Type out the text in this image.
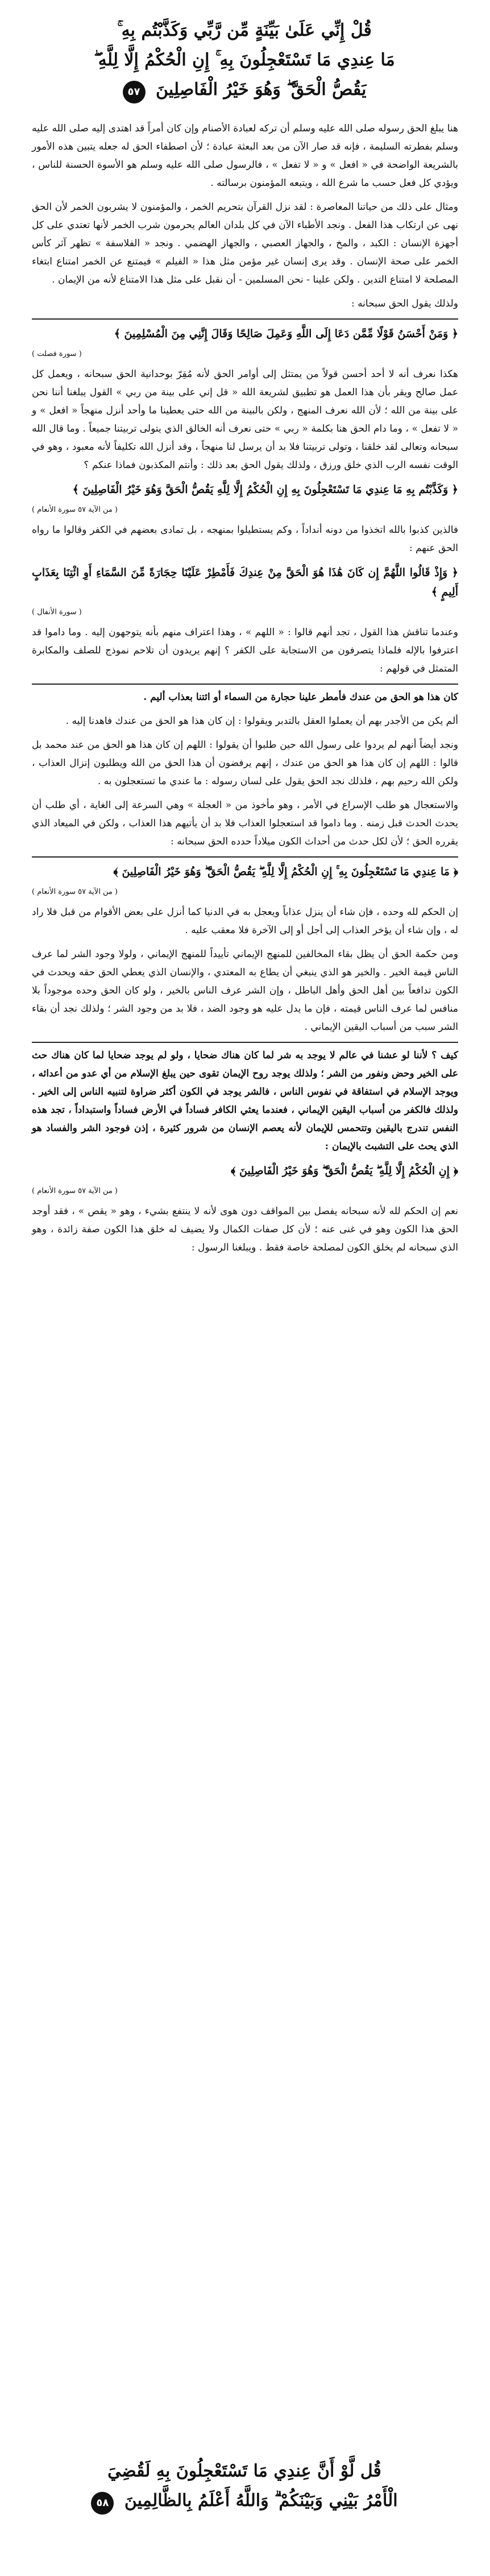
قُلْ إِنِّي عَلَىٰ بَيِّنَةٍ مِّن رَّبِّي وَكَذَّبْتُم بِهِ ۚ
مَا عِندِي مَا تَسْتَعْجِلُونَ بِهِ ۚ إِنِ الْحُكْمُ إِلَّا لِلَّهِ ۖ
يَقُصُّ الْحَقَّ ۖ وَهُوَ خَيْرُ الْفَاصِلِينَ ٥٧

هنا يبلغ الحق رسوله صلى الله عليه وسلم أن تركه لعبادة الأصنام وإن كان أمراً قد اهتدى إليه صلى الله عليه وسلم بفطرته السليمة ، فإنه قد صار الآن من بعد البعثة عبادة ؛ لأن اصطفاء الحق له جعله يتبين هذه الأمور بالشريعة الواضحة في « افعل » و « لا تفعل » ، فالرسول صلى الله عليه وسلم هو الأسوة الحسنة للناس ، ويؤدي كل فعل حسب ما شرع الله ، ويتبعه المؤمنون برسالته .

ومثال على ذلك من حياتنا المعاصرة : لقد نزل القرآن بتحريم الخمر ، والمؤمنون لا يشربون الخمر لأن الحق نهى عن ارتكاب هذا الفعل . ونجد الأطباء الآن في كل بلدان العالم يحرمون شرب الخمر لأنها تعتدي على كل أجهزة الإنسان : الكبد ، والمخ ، والجهاز العصبي ، والجهاز الهضمي . ونجد « الفلاسفة » تظهر آثر كأس الخمر على صحة الإنسان . وقد يرى إنسان غير مؤمن مثل هذا « الفيلم » فيمتنع عن الخمر امتناع ابتغاء المصلحة لا امتناع التدين . ولكن علينا - نحن المسلمين - أن نقبل على مثل هذا الامتناع لأنه من الإيمان .

ولذلك يقول الحق سبحانه :

﴿ وَمَنْ أَحْسَنُ قَوْلًا مِّمَّن دَعَا إِلَى اللَّهِ وَعَمِلَ صَالِحًا وَقَالَ إِنَّنِي مِنَ الْمُسْلِمِينَ ﴾
( سورة فصلت )

هكذا نعرف أنه لا أحد أحسن قولاً من يمتثل إلى أوامر الحق لأنه مُقِرّ بوحدانية الحق سبحانه ، ويعمل كل عمل صالح ويقر بأن هذا العمل هو تطبيق لشريعة الله « قل إني على بينة من ربي » القول يبلغنا أننا نحن على بينة من الله ؛ لأن الله نعرف المنهج ، ولكن بالبينة من الله حتى يعطينا ما وأحد أنزل منهجاً « افعل » و « لا تفعل » ، وما دام الحق هنا بكلمة « ربي » حتى نعرف أنه الخالق الذي يتولى تربيتنا جميعاً . وما قال الله سبحانه وتعالى لقد خلقنا ، وتولى تربيتنا فلا بد أن يرسل لنا منهجاً ، وقد أنزل الله تكليفاً لأنه معبود ، وهو في الوقت نفسه الرب الذي خلق ورزق ، ولذلك يقول الحق بعد ذلك : وأنتم المكذبون فماذا عنكم ؟

﴿ وَكَذَّبْتُم بِهِ مَا عِندِي مَا تَسْتَعْجِلُونَ بِهِ إِنِ الْحُكْمُ إِلَّا لِلَّهِ يَقُصُّ الْحَقَّ وَهُوَ خَيْرُ الْفَاصِلِينَ ﴾
( من الآية ٥٧ سورة الأنعام )

فالذين كذبوا بالله اتخذوا من دونه أنداداً ، وكم يستطيلوا بمنهجه ، بل تمادى بعضهم في الكفر وقالوا ما رواه الحق عنهم :

﴿ وَإِذْ قَالُوا اللَّهُمَّ إِن كَانَ هَٰذَا هُوَ الْحَقَّ مِنْ عِندِكَ فَأَمْطِرْ عَلَيْنَا حِجَارَةً مِّنَ السَّمَاءِ أَوِ ائْتِنَا بِعَذَابٍ أَلِيمٍ ﴾
( سورة الأنفال )

وعندما تناقش هذا القول ، تجد أنهم قالوا : « اللهم » ، وهذا اعتراف منهم بأنه يتوجهون إليه . وما داموا قد اعترفوا بالإله فلماذا يتصرفون من الاستجابة على الكفر ؟ إنهم يريدون أن تلاحم نموذج للصلف والمكابرة المتمثل في قولهم :

كان هذا هو الحق من عندك فأمطر علينا حجارة من السماء أو ائتنا بعذاب أليم .

ألم يكن من الأجدر بهم أن يعملوا العقل بالتدبر ويقولوا : إن كان هذا هو الحق من عندك فاهدنا إليه .

ونجد أيضاً أنهم لم يردوا على رسول الله حين طلبوا أن يقولوا : اللهم إن كان هذا هو الحق من عند محمد بل قالوا : اللهم إن كان هذا هو الحق من عندك ، إنهم يرفضون أن هذا الحق من الله ويطلبون إنزال العذاب ، ولكن الله رحيم بهم ، فلذلك نجد الحق يقول على لسان رسوله : ما عندي ما تستعجلون به .

والاستعجال هو طلب الإسراع في الأمر ، وهو مأخوذ من « العجلة » وهي السرعة إلى الغاية ، أي طلب أن يحدث الحدث قبل زمنه . وما داموا قد استعجلوا العذاب فلا بد أن يأتيهم هذا العذاب ، ولكن في الميعاد الذي يقرره الحق ؛ لأن لكل حدث من أحداث الكون ميلاداً حدده الحق سبحانه :

﴿ مَا عِندِي مَا تَسْتَعْجِلُونَ بِهِ ۚ إِنِ الْحُكْمُ إِلَّا لِلَّهِ ۖ يَقُصُّ الْحَقَّ ۖ وَهُوَ خَيْرُ الْفَاصِلِينَ ﴾
( من الآية ٥٧ سورة الأنعام )

إن الحكم لله وحده ، فإن شاء أن ينزل عذاباً ويعجل به في الدنيا كما أنزل على بعض الأقوام من قبل فلا راد له ، وإن شاء أن يؤخر العذاب إلى أجل أو إلى الآخرة فلا معقب عليه .

ومن حكمة الحق أن يظل بقاء المخالفين للمنهج الإيماني تأييداً للمنهج الإيماني ، ولولا وجود الشر لما عرف الناس قيمة الخير . والخير هو الذي ينبغي أن يطاع به المعتدي ، والإنسان الذي يعطي الحق حقه ويحدث في الكون تدافعاً بين أهل الحق وأهل الباطل ، وإن الشر عرف الناس بالخير ، ولو كان الحق وحده موجوداً بلا منافس لما عرف الناس قيمته ، فإن ما يدل عليه هو وجود الضد ، فلا بد من وجود الشر ؛ ولذلك نجد أن بقاء الشر سبب من أسباب اليقين الإيماني .

كيف ؟ لأننا لو عشنا في عالم لا يوجد به شر لما كان هناك ضحايا ، ولو لم يوجد ضحايا لما كان هناك حث على الخير وحض ونفور من الشر ؛ ولذلك يوجد روح الإيمان تقوى حين يبلغ الإسلام من أي عدو من أعدائه ، ويوجد الإسلام في استفاقة في نفوس الناس ، فالشر يوجد في الكون أكثر ضراوة لتنبيه الناس إلى الخير . ولذلك فالكفر من أسباب اليقين الإيماني ، فعندما يعثي الكافر فساداً في الأرض فساداً واستبداداً ، تجد هذه النفس تندرج باليقين وتتحمس للإيمان لأنه يعصم الإنسان من شرور كثيرة ، إذن فوجود الشر والفساد هو الذي يحث على التشبث بالإيمان :

﴿ إِنِ الْحُكْمُ إِلَّا لِلَّهِ ۖ يَقُصُّ الْحَقَّ ۖ وَهُوَ خَيْرُ الْفَاصِلِينَ ﴾
( من الآية ٥٧ سورة الأنعام )

نعم إن الحكم لله لأنه سبحانه يفصل بين المواقف دون هوى لأنه لا ينتفع بشيء ، وهو « يقص » ، فقد أوجد الحق هذا الكون وهو في غنى عنه ؛ لأن كل صفات الكمال ولا يضيف له خلق هذا الكون صفة زائدة ، وهو الذي سبحانه لم يخلق الكون لمصلحة خاصة فقط . ويبلغنا الرسول :

قُل لَّوْ أَنَّ عِندِي مَا تَسْتَعْجِلُونَ بِهِ لَقُضِيَ
الْأَمْرُ بَيْنِي وَبَيْنَكُمْ ۗ وَاللَّهُ أَعْلَمُ بِالظَّالِمِينَ ٥٨
